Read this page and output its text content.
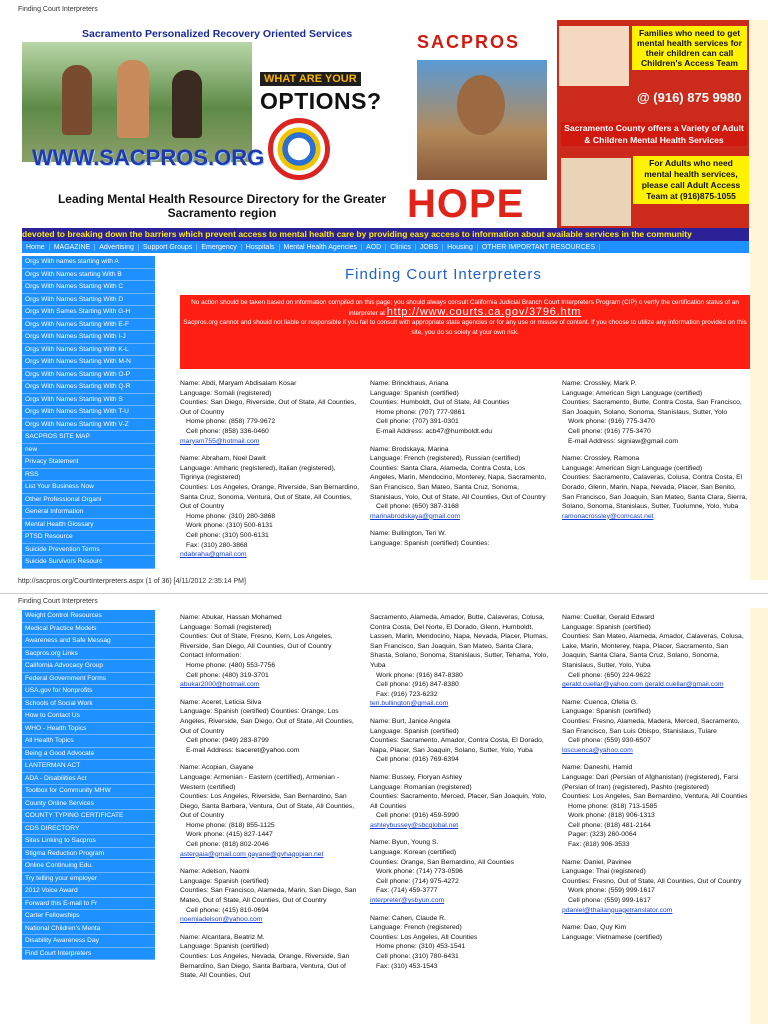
Finding Court Interpreters
Sacramento Personalized Recovery Oriented Services
WHAT ARE YOUR
OPTIONS?
WWW.SACPROS.ORG
Leading Mental Health Resource Directory for the Greater Sacramento region
SACPROS
HOPE
Families who need to get mental health services for their children can call Children's Access Team
@ (916) 875 9980
Sacramento County offers a Variety of Adult & Children Mental Health Services
For Adults who need mental health services, please call Adult Access Team at (916)875-1055
devoted to breaking down the barriers which prevent access to mental health care by providing easy access to information about available services in the community
Home	MAGAZINE	Advertising	Support Groups	Emergency	Hospitals	Mental Health Agencies	AOD	Clinics	JOBS	Housing	OTHER IMPORTANT RESOURCES
Orgs With names starting with A
Orgs With Names starting With B
Orgs With Names Starting With C
Orgs With Names Starting With D
Orgs With Sames Starting With G-H
Orgs With Names Starting With E-F
Orgs With Names Starting With I-J
Orgs With Names Starting With K-L
Orgs With Names Starting With M-N
Orgs With Names Starting With O-P
Orgs With Names Starting With Q-R
Orgs With Names Starting With S
Orgs With Names Starting With T-U
Orgs With Names Starting With V-Z
SACPROS SITE MAP
new
Privacy Statement
RSS
List Your Business Now
Other Professional Organi
General Information
Mental Health Glossary
PTSD Resource
Suicide Prevention Terms
Suicide Survivors Resourc
Finding Court Interpreters
No action should be taken based on information compiled on this page; you should always consult California Judicial Branch Court Interpreters Program (CIP) o verify the certification status of an interpreter at http://www.courts.ca.gov/3796.htm
Sacpros.org cannot and should not liable or responsible if you fail to consult with appropriate state agencies or for any use or misuse of content. If you choose to utilize any information provided on this site, you do so solely at your own risk.

Name: Abdi, Maryam Abdisalam Kosar
Language: Somali (registered)
Counties: San Diego, Riverside, Out of State, All Counties, Out of Country
Home phone: (858) 779-9672
Cell phone: (858) 336-0460
maryam755@hotmail.com

Name: Abraham, Noel Dawit
Language: Amharic (registered), Italian (registered), Tigrinya (registered)
Counties: Los Angeles, Orange, Riverside, San Bernardino, Santa Cruz, Sonoma, Ventura, Out of State, All Counties, Out of Country
Home phone: (310) 280-3868
Work phone: (310) 500-6131
Cell phone: (310) 500-6131
Fax: (310) 280-3868
ndabraha@gmail.com

Name: Brinckhaus, Ariana
Language: Spanish (certified)
Counties: Humboldt, Out of State, All Counties
Home phone: (707) 777-9861
Cell phone: (707) 391-0301
E-mail Address: acb47@humboldt.edu

Name: Brodskaya, Marina
Language: French (registered), Russian (certified) Counties: Santa Clara, Alameda, Contra Costa, Los Angeles, Marin, Mendocino, Monterey, Napa, Sacramento, San Francisco, San Mateo, Santa Cruz, Sonoma, Stanislaus, Yolo, Out of State, All Counties, Out of Country
Cell phone: (650) 387-3168
marinabrodskaya@gmail.com

Name: Bullington, Teri W.
Language: Spanish (certified) Counties:

Name: Crossley, Mark P.
Language: American Sign Language (certified)
Counties: Sacramento, Butte, Contra Costa, San Francisco, San Joaquin, Solano, Sonoma, Stanislaus, Sutter, Yolo
Work phone: (916) 775-3470
Cell phone: (916) 775-3470
E-mail Address: signiaw@gmail.com

Name: Crossley, Ramona
Language: American Sign Language (certified)
Counties: Sacramento, Calaveras, Colusa, Contra Costa, El Dorado, Glenn, Marin, Napa, Nevada, Placer, San Benito, San Francisco, San Joaquin, San Mateo, Santa Clara, Sierra, Solano, Sonoma, Stanislaus, Sutter, Tuolumne, Yolo, Yuba
ramonacrossley@comcast.net

http://sacpros.org/CourtInterpreters.aspx (1 of 36) [4/11/2012 2:35:14 PM]
Finding Court Interpreters
Weight Control Resources
Medical Practice Models
Awareness and Safe Messag
Sacpros.org Links
California Advocacy Group
Federal Government Forms
USA.gov for Nonprofits
Schools of Social Work
How to Contact Us
WHO - Health Topics
All Health Topics
Being a Good Advocate
LANTERMAN ACT
ADA - Disabilities Act
Toolbox for Community MHW
County Online Services
COUNTY TYPING CERTIFICATE
CDS DIRECTORY
Sites Linking to Sacpros
Stigma Reduction Program
Online Continuing Edu.
Try telling your employer
2012 Voice Award
Forward this E-mail to Fr
Carter Fellowships
National Children's Menta
Disability Awareness Day
Find Court Interpreters

Name: Abukar, Hassan Mohamed
Language: Somali (registered)
Counties: Out of State, Fresno, Kern, Los Angeles, Riverside, San Diego, All Counties, Out of Country
Contact Information:
Home phone: (480) 553-7756
Cell phone: (480) 319-3701
abukar2000@hotmail.com

Name: Aceret, Leticia Silva
Language: Spanish (certified) Counties: Orange, Los Angeles, Riverside, San Diego, Out of State, All Counties, Out of Country
Cell phone: (949) 283-8799
E-mail Address: lsaceret@yahoo.com

Name: Acopian, Gayane
Language: Armenian - Eastern (certified), Armenian - Western (certified)
Counties: Los Angeles, Riverside, San Bernardino, San Diego, Santa Barbara, Ventura, Out of State, All Counties, Out of Country
Home phone: (818) 855-1125
Work phone: (415) 827-1447
Cell phone: (818) 802-2046
astergaia@gmail.com gayane@gvhagopian.net

Name: Adelson, Naomi
Language: Spanish (certified)
Counties: San Francisco, Alameda, Marin, San Diego, San Mateo, Out of State, All Counties, Out of Country
Cell phone: (415) 810-0694
noemiadelson@yahoo.com

Name: Alcantara, Beatriz M.
Language: Spanish (certified)
Counties: Los Angeles, Nevada, Orange, Riverside, San Bernardino, San Diego, Santa Barbara, Ventura, Out of State, All Counties, Out

Sacramento, Alameda, Amador, Butte, Calaveras, Colusa, Contra Costa, Del Norte, El Dorado, Glenn, Humboldt, Lassen, Marin, Mendocino, Napa, Nevada, Placer, Plumas, San Francisco, San Joaquin, San Mateo, Santa Clara, Shasta, Solano, Sonoma, Stanislaus, Sutter, Tehama, Yolo, Yuba
Work phone: (916) 847-8380
Cell phone: (916) 847-8380
Fax: (916) 723-6232
teri.bullington@gmail.com

Name: Burt, Janice Angela
Language: Spanish (certified)
Counties: Sacramento, Amador, Contra Costa, El Dorado, Napa, Placer, San Joaquin, Solano, Sutter, Yolo, Yuba
Cell phone: (916) 769-6394

Name: Bussey, Floryan Ashley
Language: Romanian (registered)
Counties: Sacramento, Merced, Placer, San Joaquin, Yolo, All Counties
Cell phone: (916) 459-5990
ashleybussey@sbcglobal.net

Name: Byun, Young S.
Language: Korean (certified)
Counties: Orange, San Bernardino, All Counties
Work phone: (714) 773-0596
Cell phone: (714) 975-4272
Fax: (714) 459-3777
interpreter@ysbyun.com

Name: Cahen, Claude R.
Language: French (registered)
Counties: Los Angeles, All Counties
Home phone: (310) 453-1541
Cell phone: (310) 780-6431
Fax: (310) 453-1543

Name: Cuellar, Gerald Edward
Language: Spanish (certified)
Counties: San Mateo, Alameda, Amador, Calaveras, Colusa, Lake, Marin, Monterey, Napa, Placer, Sacramento, San Joaquin, Santa Clara, Santa Cruz, Solano, Sonoma, Stanislaus, Sutter, Yolo, Yuba
Cell phone: (650) 224-9622
gerald.cuellar@yahoo.com gerald.cuellar@gmail.com

Name: Cuenca, Ofelia G.
Language: Spanish (certified)
Counties: Fresno, Alameda, Madera, Merced, Sacramento, San Francisco, San Luis Obispo, Stanislaus, Tulare
Cell phone: (559) 930-6507
loscuenca@yahoo.com

Name: Daneshi, Hamid
Language: Dari (Persian of Afghanistan) (registered), Farsi (Persian of Iran) (registered), Pashto (registered)
Counties: Los Angeles, San Bernardino, Ventura, All Counties
Home phone: (818) 713-1585
Work phone: (818) 906-1313
Cell phone: (818) 481-2164
Pager: (323) 260-0064
Fax: (818) 906-3533

Name: Daniel, Pavinee
Language: Thai (registered)
Counties: Fresno, Out of State, All Counties, Out of Country
Work phone: (559) 999-1617
Cell phone: (559) 999-1617
pdaniel@thailanguagetranslator.com

Name: Dao, Quy Kim
Language: Vietnamese (certified)
